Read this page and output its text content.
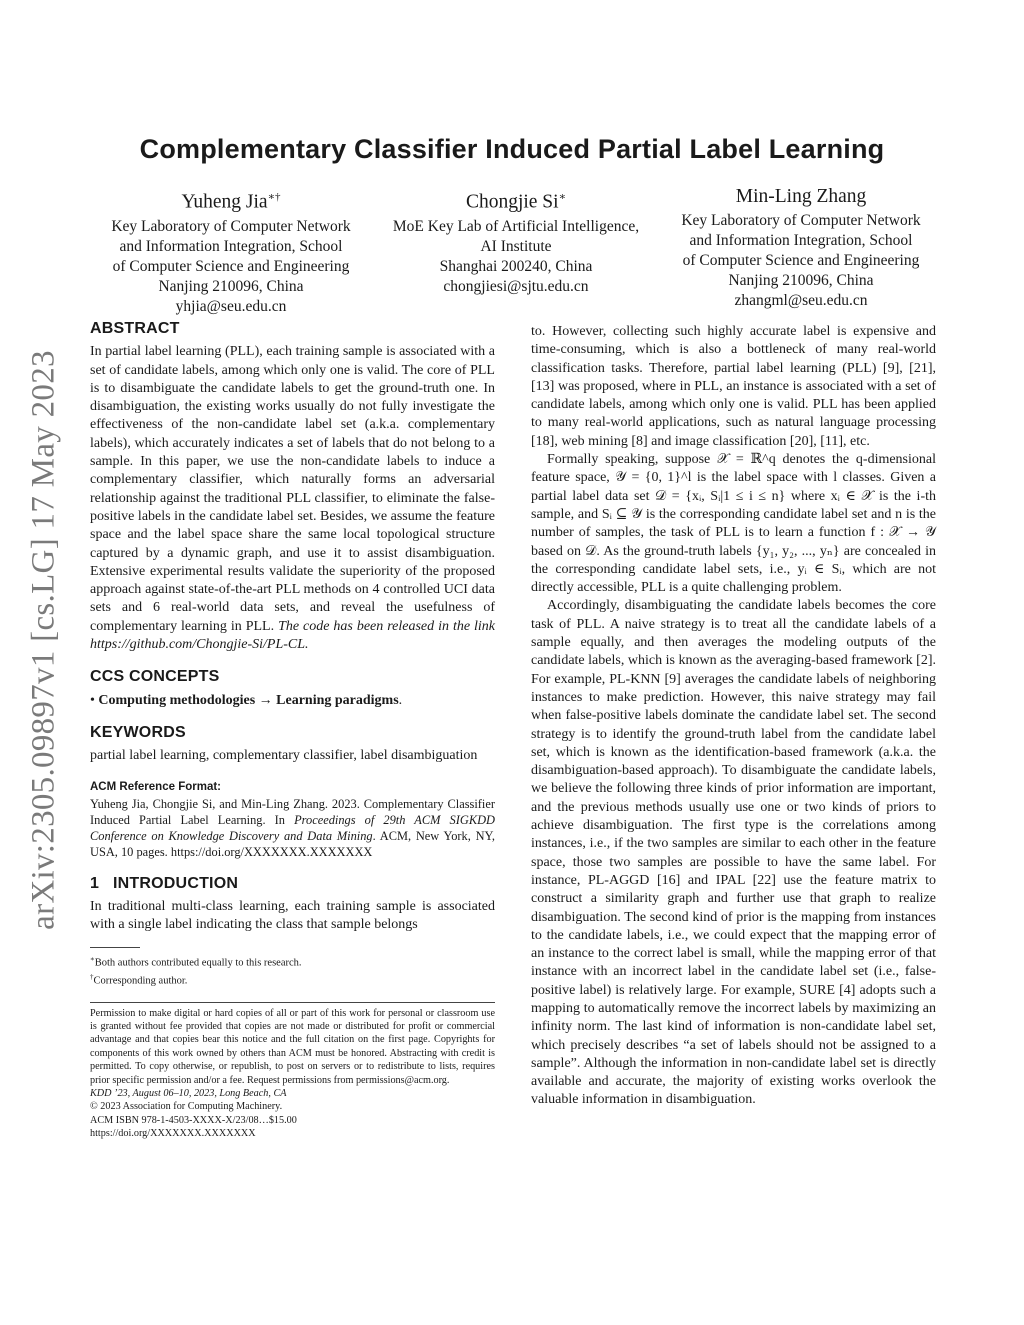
arXiv:2305.09897v1 [cs.LG] 17 May 2023
Complementary Classifier Induced Partial Label Learning
Yuheng Jia∗†
Key Laboratory of Computer Network
and Information Integration, School
of Computer Science and Engineering
Nanjing 210096, China
yhjia@seu.edu.cn
Chongjie Si∗
MoE Key Lab of Artificial Intelligence,
AI Institute
Shanghai 200240, China
chongjiesi@sjtu.edu.cn
Min-Ling Zhang
Key Laboratory of Computer Network
and Information Integration, School
of Computer Science and Engineering
Nanjing 210096, China
zhangml@seu.edu.cn
ABSTRACT

In partial label learning (PLL), each training sample is associated with a set of candidate labels, among which only one is valid. The core of PLL is to disambiguate the candidate labels to get the ground-truth one. In disambiguation, the existing works usually do not fully investigate the effectiveness of the non-candidate label set (a.k.a. complementary labels), which accurately indicates a set of labels that do not belong to a sample. In this paper, we use the non-candidate labels to induce a complementary classifier, which naturally forms an adversarial relationship against the traditional PLL classifier, to eliminate the false-positive labels in the candidate label set. Besides, we assume the feature space and the label space share the same local topological structure captured by a dynamic graph, and use it to assist disambiguation. Extensive experimental results validate the superiority of the proposed approach against state-of-the-art PLL methods on 4 controlled UCI data sets and 6 real-world data sets, and reveal the usefulness of complementary learning in PLL. The code has been released in the link https://github.com/Chongjie-Si/PL-CL.

CCS CONCEPTS

• Computing methodologies → Learning paradigms.

KEYWORDS

partial label learning, complementary classifier, label disambiguation

ACM Reference Format:

Yuheng Jia, Chongjie Si, and Min-Ling Zhang. 2023. Complementary Classifier Induced Partial Label Learning. In Proceedings of 29th ACM SIGKDD Conference on Knowledge Discovery and Data Mining. ACM, New York, NY, USA, 10 pages. https://doi.org/XXXXXXX.XXXXXXX

1   INTRODUCTION

In traditional multi-class learning, each training sample is associated with a single label indicating the class that sample belongs

∗Both authors contributed equally to this research.
†Corresponding author.
Permission to make digital or hard copies of all or part of this work for personal or classroom use is granted without fee provided that copies are not made or distributed for profit or commercial advantage and that copies bear this notice and the full citation on the first page. Copyrights for components of this work owned by others than ACM must be honored. Abstracting with credit is permitted. To copy otherwise, or republish, to post on servers or to redistribute to lists, requires prior specific permission and/or a fee. Request permissions from permissions@acm.org.
KDD ’23, August 06–10, 2023, Long Beach, CA
© 2023 Association for Computing Machinery.
ACM ISBN 978-1-4503-XXXX-X/23/08…$15.00
https://doi.org/XXXXXXX.XXXXXXX

to. However, collecting such highly accurate label is expensive and time-consuming, which is also a bottleneck of many real-world classification tasks. Therefore, partial label learning (PLL) [9], [21], [13] was proposed, where in PLL, an instance is associated with a set of candidate labels, among which only one is valid. PLL has been applied to many real-world applications, such as natural language processing [18], web mining [8] and image classification [20], [11], etc.

Formally speaking, suppose 𝒳 = ℝ^q denotes the q-dimensional feature space, 𝒴 = {0, 1}^l is the label space with l classes. Given a partial label data set 𝒟 = {xᵢ, Sᵢ|1 ≤ i ≤ n} where xᵢ ∈ 𝒳 is the i-th sample, and Sᵢ ⊆ 𝒴 is the corresponding candidate label set and n is the number of samples, the task of PLL is to learn a function f : 𝒳 → 𝒴 based on 𝒟. As the ground-truth labels {y₁, y₂, ..., yₙ} are concealed in the corresponding candidate label sets, i.e., yᵢ ∈ Sᵢ, which are not directly accessible, PLL is a quite challenging problem.

Accordingly, disambiguating the candidate labels becomes the core task of PLL. A naive strategy is to treat all the candidate labels of a sample equally, and then averages the modeling outputs of the candidate labels, which is known as the averaging-based framework [2]. For example, PL-KNN [9] averages the candidate labels of neighboring instances to make prediction. However, this naive strategy may fail when false-positive labels dominate the candidate label set. The second strategy is to identify the ground-truth label from the candidate label set, which is known as the identification-based framework (a.k.a. the disambiguation-based approach). To disambiguate the candidate labels, we believe the following three kinds of prior information are important, and the previous methods usually use one or two kinds of priors to achieve disambiguation. The first type is the correlations among instances, i.e., if the two samples are similar to each other in the feature space, those two samples are possible to have the same label. For instance, PL-AGGD [16] and IPAL [22] use the feature matrix to construct a similarity graph and further use that graph to realize disambiguation. The second kind of prior is the mapping from instances to the candidate labels, i.e., we could expect that the mapping error of an instance to the correct label is small, while the mapping error of that instance with an incorrect label in the candidate label set (i.e., false-positive label) is relatively large. For example, SURE [4] adopts such a mapping to automatically remove the incorrect labels by maximizing an infinity norm. The last kind of information is non-candidate label set, which precisely describes “a set of labels should not be assigned to a sample”. Although the information in non-candidate label set is directly available and accurate, the majority of existing works overlook the valuable information in disambiguation.
